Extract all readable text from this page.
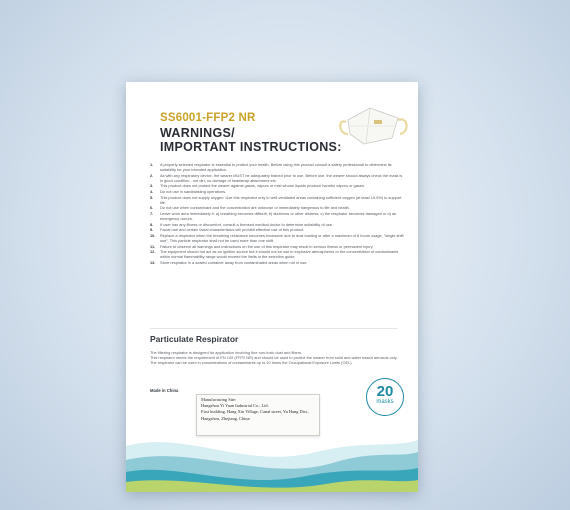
SS6001-FFP2 NR
WARNINGS/
IMPORTANT INSTRUCTIONS:
1. A properly selected respirator is essential to protect your health. Before using this product consult a safety professional to determine its suitability for your intended application.
2. As with any respiratory device, the wearer MUST be adequately trained prior to use. Before use, the wearer should always check the mask is in good condition - not dirt, no damage of headstrap attachment etc.
3. This product does not protect the wearer against gases, vapors or mist whose liquids produce harmful vapors or gases.
4. Do not use in sandblasting operations.
5. This product does not supply oxygen. Use this respirator only in well-ventilated areas containing sufficient oxygen (at least 19.5%) to support life.
6. Do not use when contaminant and the concentration are unknown or immediately dangerous to life and health.
7. Leave work area immediately if: a) breathing becomes difficult; b) dizziness or other distress; c) the respirator becomes damaged or d) an emergency occurs.
8. If user has any illness or discomfort, consult a licensed medical doctor to determine suitability of use.
9. Facial hair and certain facial characteristics will prohibit effective use of this product.
10. Replace a respirator when the breathing resistance becomes excessive due to dust loading or after a maximum of 8 hours usage, "single shift use". This particle respirator shall not be used more than one shift.
11. Failure to observe all warnings and instructions on the use of this respirator may result in serious illness or permanent injury.
12. The equipment should not act as an ignition source but it should not be use in explosive atmospheres or the concentration of contaminants within normal flammability range would exceed the limits in the selection guide.
13. Store respirator in a sealed container away from contaminated areas when not in use.
Particulate Respirator
The filtering respirator is designed for application involving fine non-toxic dust and fibers.
This respirator meets the requirement of EN 149 (FFP2 NR) and should be used to protect the wearer from solid and water based aerosols only.
The respirator can be used in concentrations of contaminants up to 10 times the Occupational Exposure Limits (OEL).
Made in China
Manufacturing Site:
Hangzhou Yi Yuan Industrial Co., Ltd.
First building, Hang Xin Village, Canal street, Yu Hang Dist.,
Hangzhou, Zhejiang, China
20
masks
